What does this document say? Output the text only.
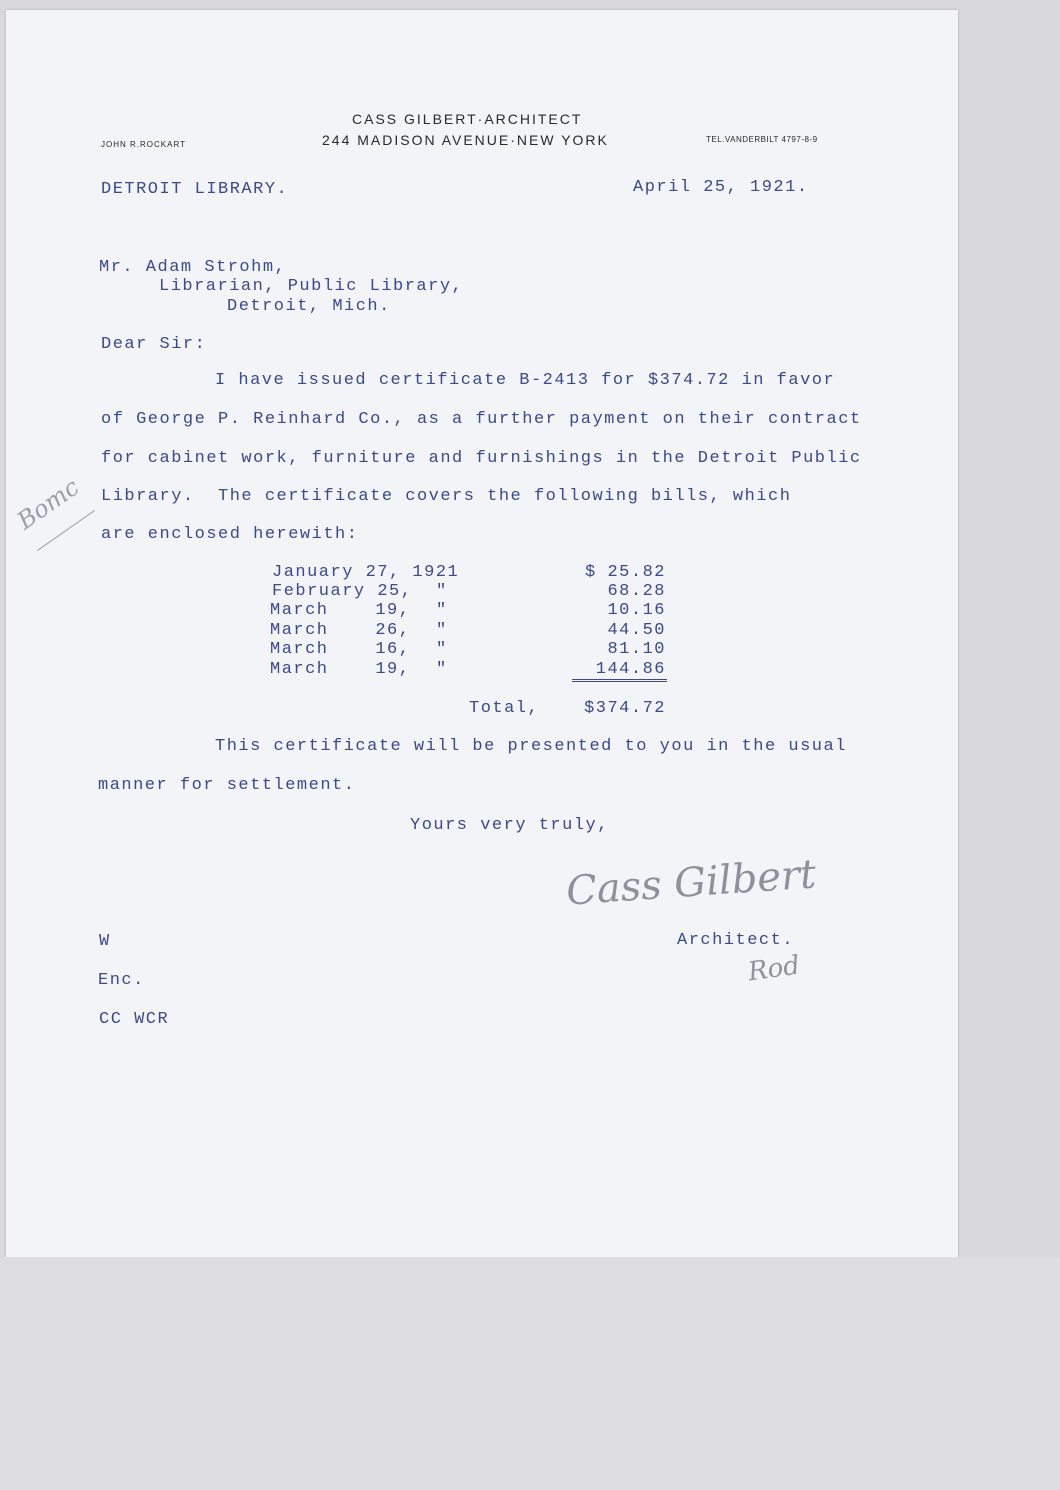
CASS GILBERT·ARCHITECT
244 MADISON AVENUE·NEW YORK
JOHN R.ROCKART
TEL.VANDERBILT 4797-8-9
DETROIT LIBRARY.	April 25, 1921.
Mr. Adam Strohm,
Librarian, Public Library,
Detroit, Mich.
Dear Sir:
I have issued certificate B-2413 for $374.72 in favor
of George P. Reinhard Co., as a further payment on their contract
for cabinet work, furniture and furnishings in the Detroit Public
Library.  The certificate covers the following bills, which
are enclosed herewith:
January 27, 1921	$ 25.82
February 25, "	68.28
March    19, "	10.16
March    26, "	44.50
March    16, "	81.10
March    19, "	144.86
Total,	$374.72
This certificate will be presented to you in the usual
manner for settlement.
Yours very truly,
Cass Gilbert
Architect.
Rod
Bomc
W
Enc.
CC WCR
